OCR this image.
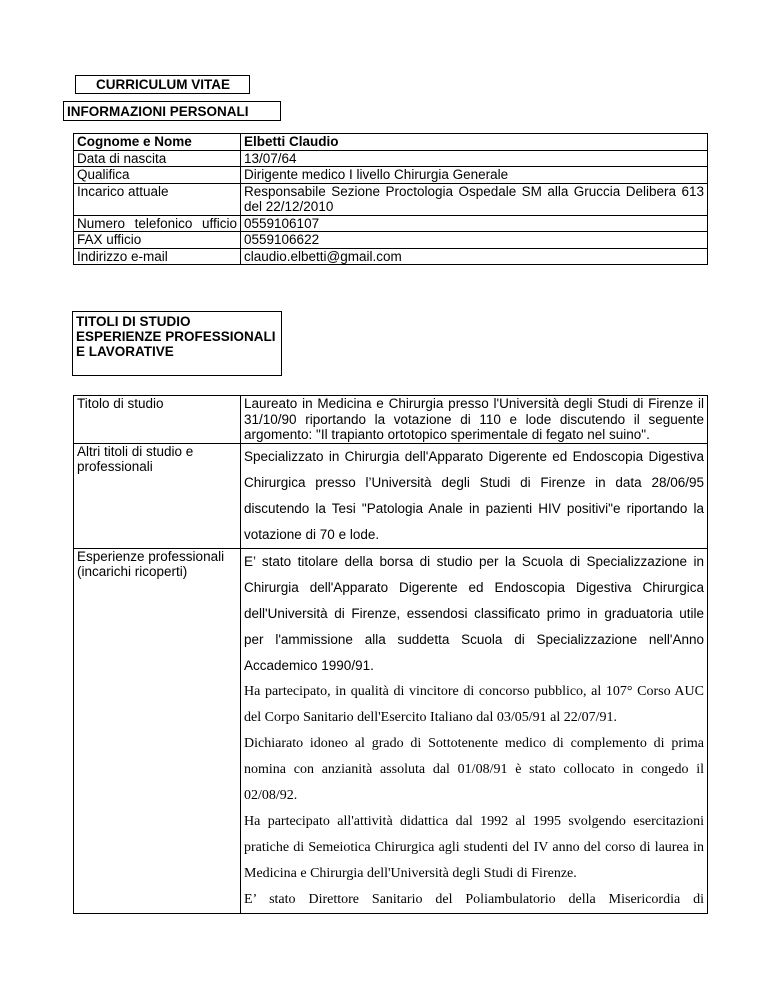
CURRICULUM VITAE
INFORMAZIONI PERSONALI
Cognome e Nome	Elbetti Claudio
Data di nascita	13/07/64
Qualifica	Dirigente medico I livello Chirurgia Generale
Incarico attuale	Responsabile Sezione Proctologia Ospedale SM alla Gruccia Delibera 613 del 22/12/2010
Numero telefonico ufficio	0559106107
FAX ufficio	0559106622
Indirizzo e-mail	claudio.elbetti@gmail.com
TITOLI DI STUDIO ESPERIENZE PROFESSIONALI E LAVORATIVE
Titolo di studio	Laureato in Medicina e Chirurgia presso l'Università degli Studi di Firenze il 31/10/90 riportando la votazione di 110 e lode discutendo il seguente argomento: "Il trapianto ortotopico sperimentale di fegato nel suino".
Altri titoli di studio e professionali	Specializzato in Chirurgia dell'Apparato Digerente ed Endoscopia Digestiva Chirurgica presso l’Università degli Studi di Firenze in data 28/06/95 discutendo la Tesi "Patologia Anale in pazienti HIV positivi"e riportando la votazione di 70 e lode.
Esperienze professionali (incarichi ricoperti)	E’ stato titolare della borsa di studio per la Scuola di Specializzazione in Chirurgia dell'Apparato Digerente ed Endoscopia Digestiva Chirurgica dell'Università di Firenze, essendosi classificato primo in graduatoria utile per l'ammissione alla suddetta Scuola di Specializzazione nell'Anno Accademico 1990/91.
Ha partecipato, in qualità di vincitore di concorso pubblico, al 107° Corso AUC del Corpo Sanitario dell'Esercito Italiano dal 03/05/91 al 22/07/91.
Dichiarato idoneo al grado di Sottotenente medico di complemento di prima nomina con anzianità assoluta dal 01/08/91 è stato collocato in congedo il 02/08/92.
Ha partecipato all'attività didattica dal 1992 al 1995 svolgendo esercitazioni pratiche di Semeiotica Chirurgica agli studenti del IV anno del corso di laurea in Medicina e Chirurgia dell'Università degli Studi di Firenze.
E’ stato Direttore Sanitario del Poliambulatorio della Misericordia di
